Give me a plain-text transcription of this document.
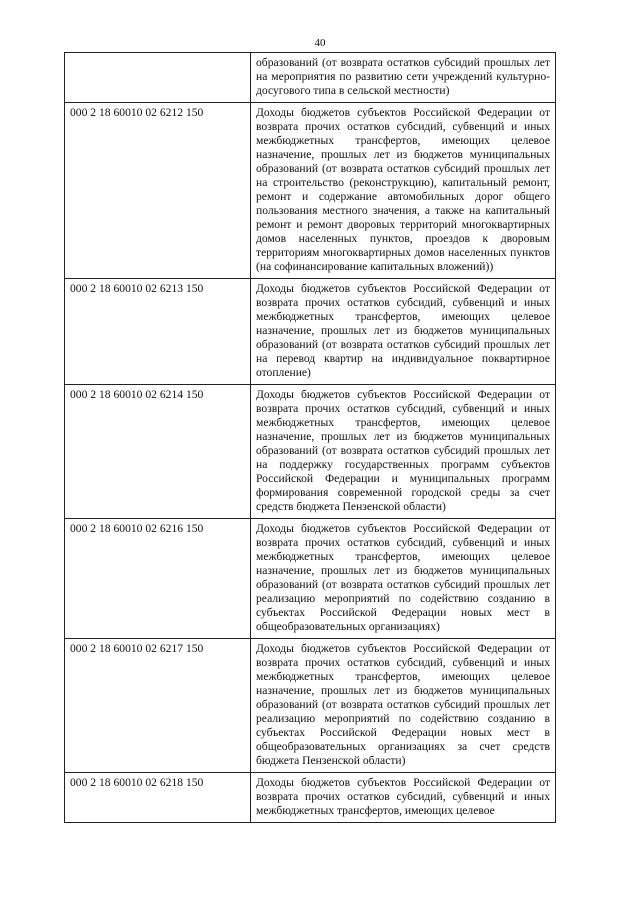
40
	образований (от возврата остатков субсидий прошлых лет на мероприятия по развитию сети учреждений культурно-досугового типа в сельской местности)
000 2 18 60010 02 6212 150	Доходы бюджетов субъектов Российской Федерации от возврата прочих остатков субсидий, субвенций и иных межбюджетных трансфертов, имеющих целевое назначение, прошлых лет из бюджетов муниципальных образований (от возврата остатков субсидий прошлых лет на строительство (реконструкцию), капитальный ремонт, ремонт и содержание автомобильных дорог общего пользования местного значения, а также на капитальный ремонт и ремонт дворовых территорий многоквартирных домов населенных пунктов, проездов к дворовым территориям многоквартирных домов населенных пунктов (на софинансирование капитальных вложений))
000 2 18 60010 02 6213 150	Доходы бюджетов субъектов Российской Федерации от возврата прочих остатков субсидий, субвенций и иных межбюджетных трансфертов, имеющих целевое назначение, прошлых лет из бюджетов муниципальных образований (от возврата остатков субсидий прошлых лет на перевод квартир на индивидуальное поквартирное отопление)
000 2 18 60010 02 6214 150	Доходы бюджетов субъектов Российской Федерации от возврата прочих остатков субсидий, субвенций и иных межбюджетных трансфертов, имеющих целевое назначение, прошлых лет из бюджетов муниципальных образований (от возврата остатков субсидий прошлых лет на поддержку государственных программ субъектов Российской Федерации и муниципальных программ формирования современной городской среды за счет средств бюджета Пензенской области)
000 2 18 60010 02 6216 150	Доходы бюджетов субъектов Российской Федерации от возврата прочих остатков субсидий, субвенций и иных межбюджетных трансфертов, имеющих целевое назначение, прошлых лет из бюджетов муниципальных образований (от возврата остатков субсидий прошлых лет реализацию мероприятий по содействию созданию в субъектах Российской Федерации новых мест в общеобразовательных организациях)
000 2 18 60010 02 6217 150	Доходы бюджетов субъектов Российской Федерации от возврата прочих остатков субсидий, субвенций и иных межбюджетных трансфертов, имеющих целевое назначение, прошлых лет из бюджетов муниципальных образований (от возврата остатков субсидий прошлых лет реализацию мероприятий по содействию созданию в субъектах Российской Федерации новых мест в общеобразовательных организациях за счет средств бюджета Пензенской области)
000 2 18 60010 02 6218 150	Доходы бюджетов субъектов Российской Федерации от возврата прочих остатков субсидий, субвенций и иных межбюджетных трансфертов, имеющих целевое
